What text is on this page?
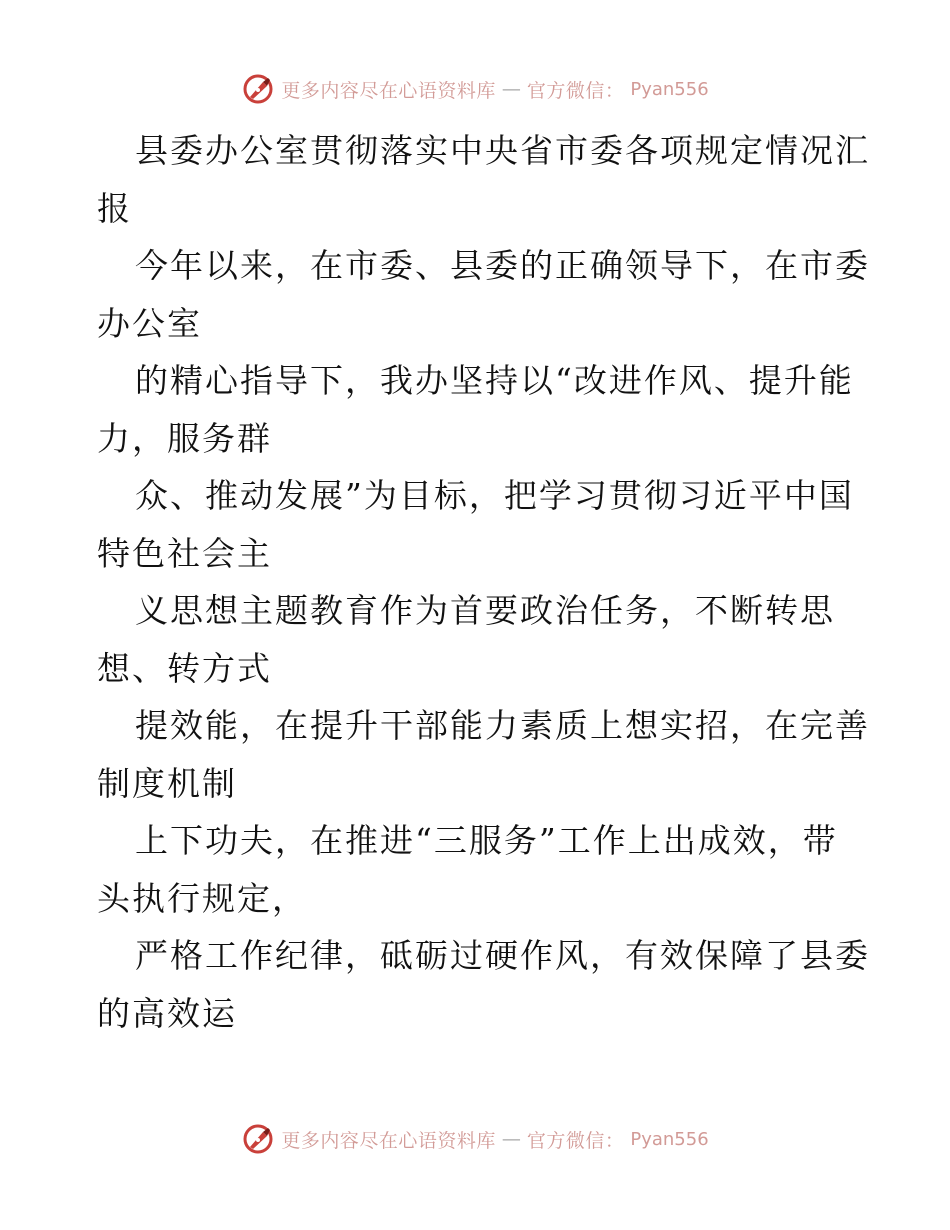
更多内容尽在心语资料库 — 官方微信： Pyan556
县委办公室贯彻落实中央省市委各项规定情况汇
报
今年以来，在市委、县委的正确领导下，在市委
办公室
的精心指导下，我办坚持以“改进作风、提升能
力，服务群
众、推动发展”为目标，把学习贯彻习近平中国
特色社会主
义思想主题教育作为首要政治任务，不断转思
想、转方式
提效能，在提升干部能力素质上想实招，在完善
制度机制
上下功夫，在推进“三服务”工作上出成效，带
头执行规定，
严格工作纪律，砥砺过硬作风，有效保障了县委
的高效运
更多内容尽在心语资料库 — 官方微信： Pyan556
